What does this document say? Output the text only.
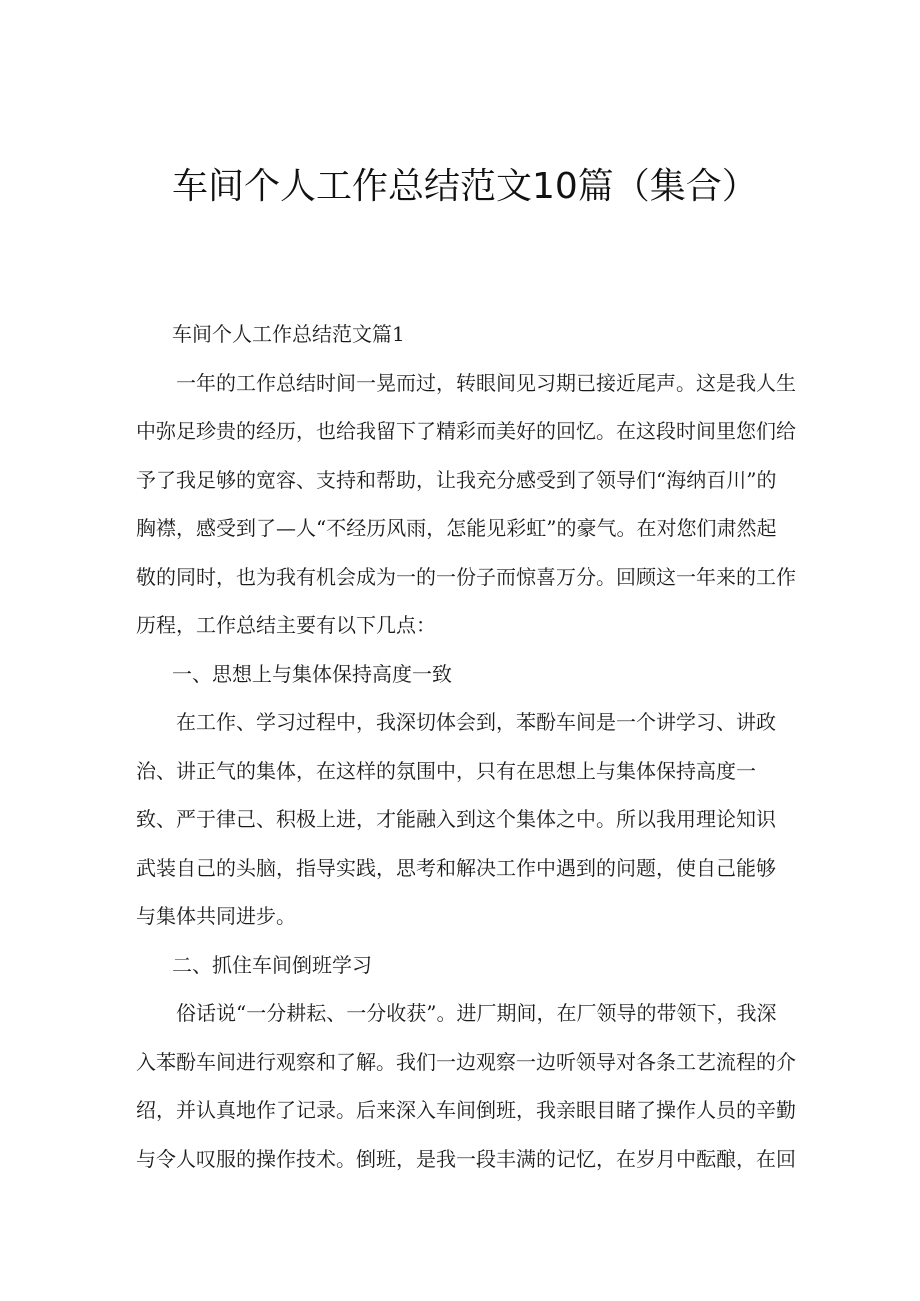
车间个人工作总结范文10篇（集合）
车间个人工作总结范文篇1
一年的工作总结时间一晃而过，转眼间见习期已接近尾声。这是我人生
中弥足珍贵的经历，也给我留下了精彩而美好的回忆。在这段时间里您们给
予了我足够的宽容、支持和帮助，让我充分感受到了领导们“海纳百川”的
胸襟，感受到了—人“不经历风雨，怎能见彩虹”的豪气。在对您们肃然起
敬的同时，也为我有机会成为一的一份子而惊喜万分。回顾这一年来的工作
历程，工作总结主要有以下几点：
一、思想上与集体保持高度一致
在工作、学习过程中，我深切体会到，苯酚车间是一个讲学习、讲政
治、讲正气的集体，在这样的氛围中，只有在思想上与集体保持高度一
致、严于律己、积极上进，才能融入到这个集体之中。所以我用理论知识
武装自己的头脑，指导实践，思考和解决工作中遇到的问题，使自己能够
与集体共同进步。
二、抓住车间倒班学习
俗话说“一分耕耘、一分收获”。进厂期间，在厂领导的带领下，我深
入苯酚车间进行观察和了解。我们一边观察一边听领导对各条工艺流程的介
绍，并认真地作了记录。后来深入车间倒班，我亲眼目睹了操作人员的辛勤
与令人叹服的操作技术。倒班，是我一段丰满的记忆，在岁月中酝酿，在回
